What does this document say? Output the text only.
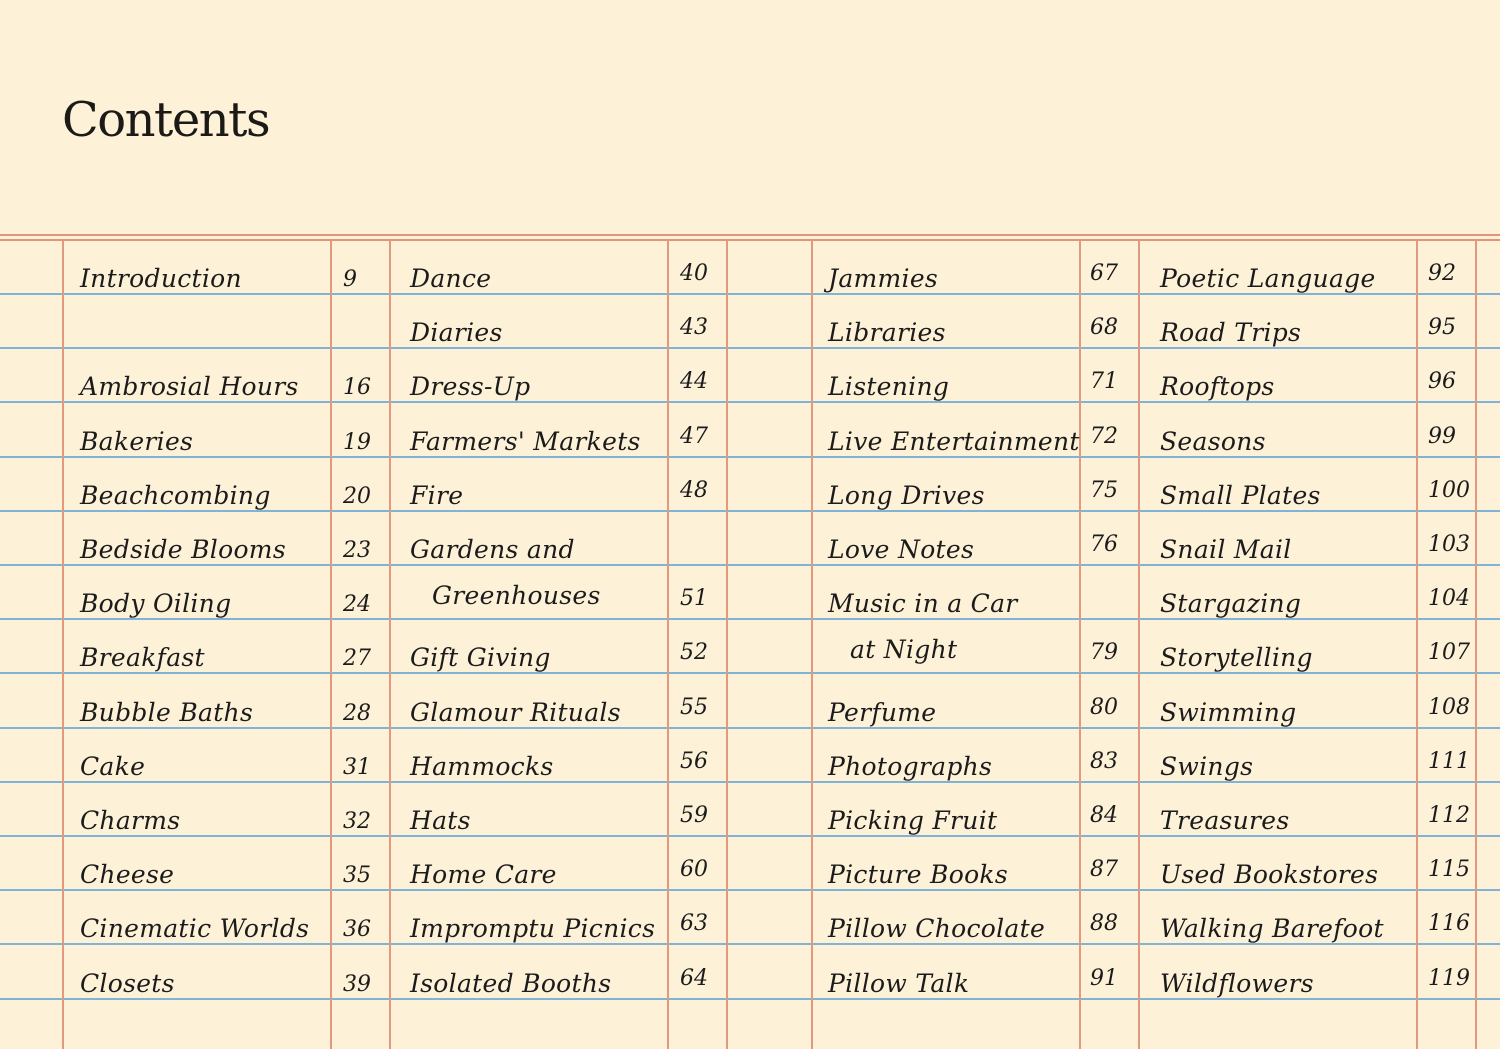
Contents
Introduction	9
Ambrosial Hours 16
Bakeries	19
Beachcombing	20
Bedside Blooms	23
Body Oiling	24
Breakfast	27
Bubble Baths	28
Cake	31
Charms	32
Cheese	35
Cinematic Worlds 36
Closets	39
Dance	40
Diaries	43
Dress-Up	44
Farmers' Markets 47
Fire	48
Gardens and
Greenhouses	51
Gift Giving	52
Glamour Rituals	55
Hammocks	56
Hats	59
Home Care	60
Impromptu Picnics 63
Isolated Booths	64
Jammies	67
Libraries	68
Listening	71
Live Entertainment 72
Long Drives	75
Love Notes	76
Music in a Car
at Night	79
Perfume	80
Photographs	83
Picking Fruit	84
Picture Books	87
Pillow Chocolate 88
Pillow Talk	91
Poetic Language 92
Road Trips	95
Rooftops	96
Seasons	99
Small Plates	100
Snail Mail	103
Stargazing	104
Storytelling	107
Swimming	108
Swings	111
Treasures	112
Used Bookstores 115
Walking Barefoot 116
Wildflowers	119
